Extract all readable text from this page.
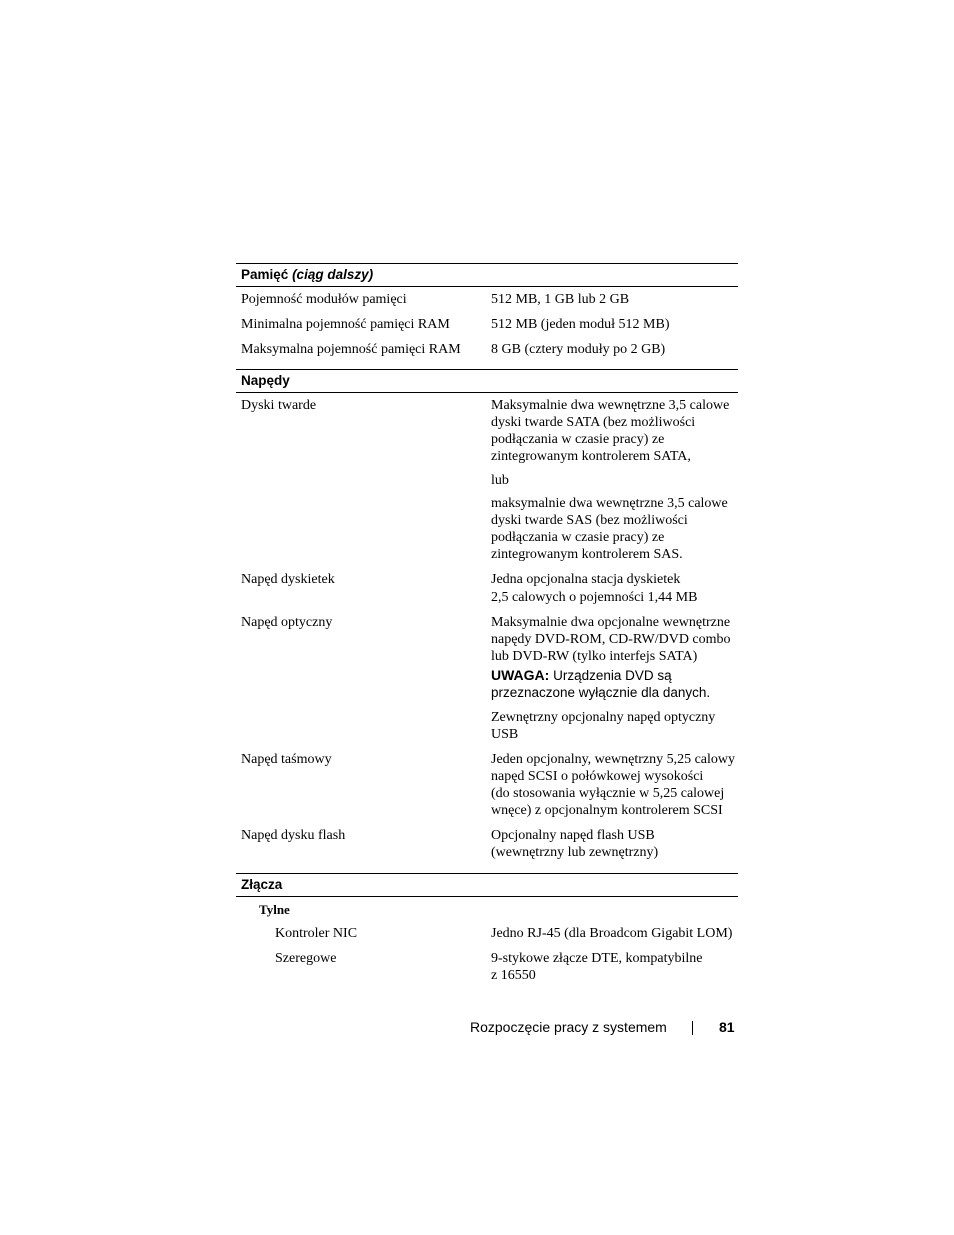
Pamięć (ciąg dalszy)
Pojemność modułów pamięci	512 MB, 1 GB lub 2 GB
Minimalna pojemność pamięci RAM	512 MB (jeden moduł 512 MB)
Maksymalna pojemność pamięci RAM 8 GB (cztery moduły po 2 GB)
Napędy
Dyski twarde	Maksymalnie dwa wewnętrzne 3,5 calowe
dyski twarde SATA (bez możliwości
podłączania w czasie pracy) ze
zintegrowanym kontrolerem SATA,
lub
maksymalnie dwa wewnętrzne 3,5 calowe
dyski twarde SAS (bez możliwości
podłączania w czasie pracy) ze
zintegrowanym kontrolerem SAS.
Napęd dyskietek	Jedna opcjonalna stacja dyskietek
2,5 calowych o pojemności 1,44 MB
Napęd optyczny	Maksymalnie dwa opcjonalne wewnętrzne
napędy DVD-ROM, CD-RW/DVD combo
lub DVD-RW (tylko interfejs SATA)
UWAGA: Urządzenia DVD są
przeznaczone wyłącznie dla danych.
Zewnętrzny opcjonalny napęd optyczny
USB
Napęd taśmowy	Jeden opcjonalny, wewnętrzny 5,25 calowy
napęd SCSI o połówkowej wysokości
(do stosowania wyłącznie w 5,25 calowej
wnęce) z opcjonalnym kontrolerem SCSI
Napęd dysku flash	Opcjonalny napęd flash USB
(wewnętrzny lub zewnętrzny)
Złącza
Tylne
Kontroler NIC	Jedno RJ-45 (dla Broadcom Gigabit LOM)
Szeregowe	9-stykowe złącze DTE, kompatybilne
z 16550
Rozpoczęcie pracy z systemem	81
